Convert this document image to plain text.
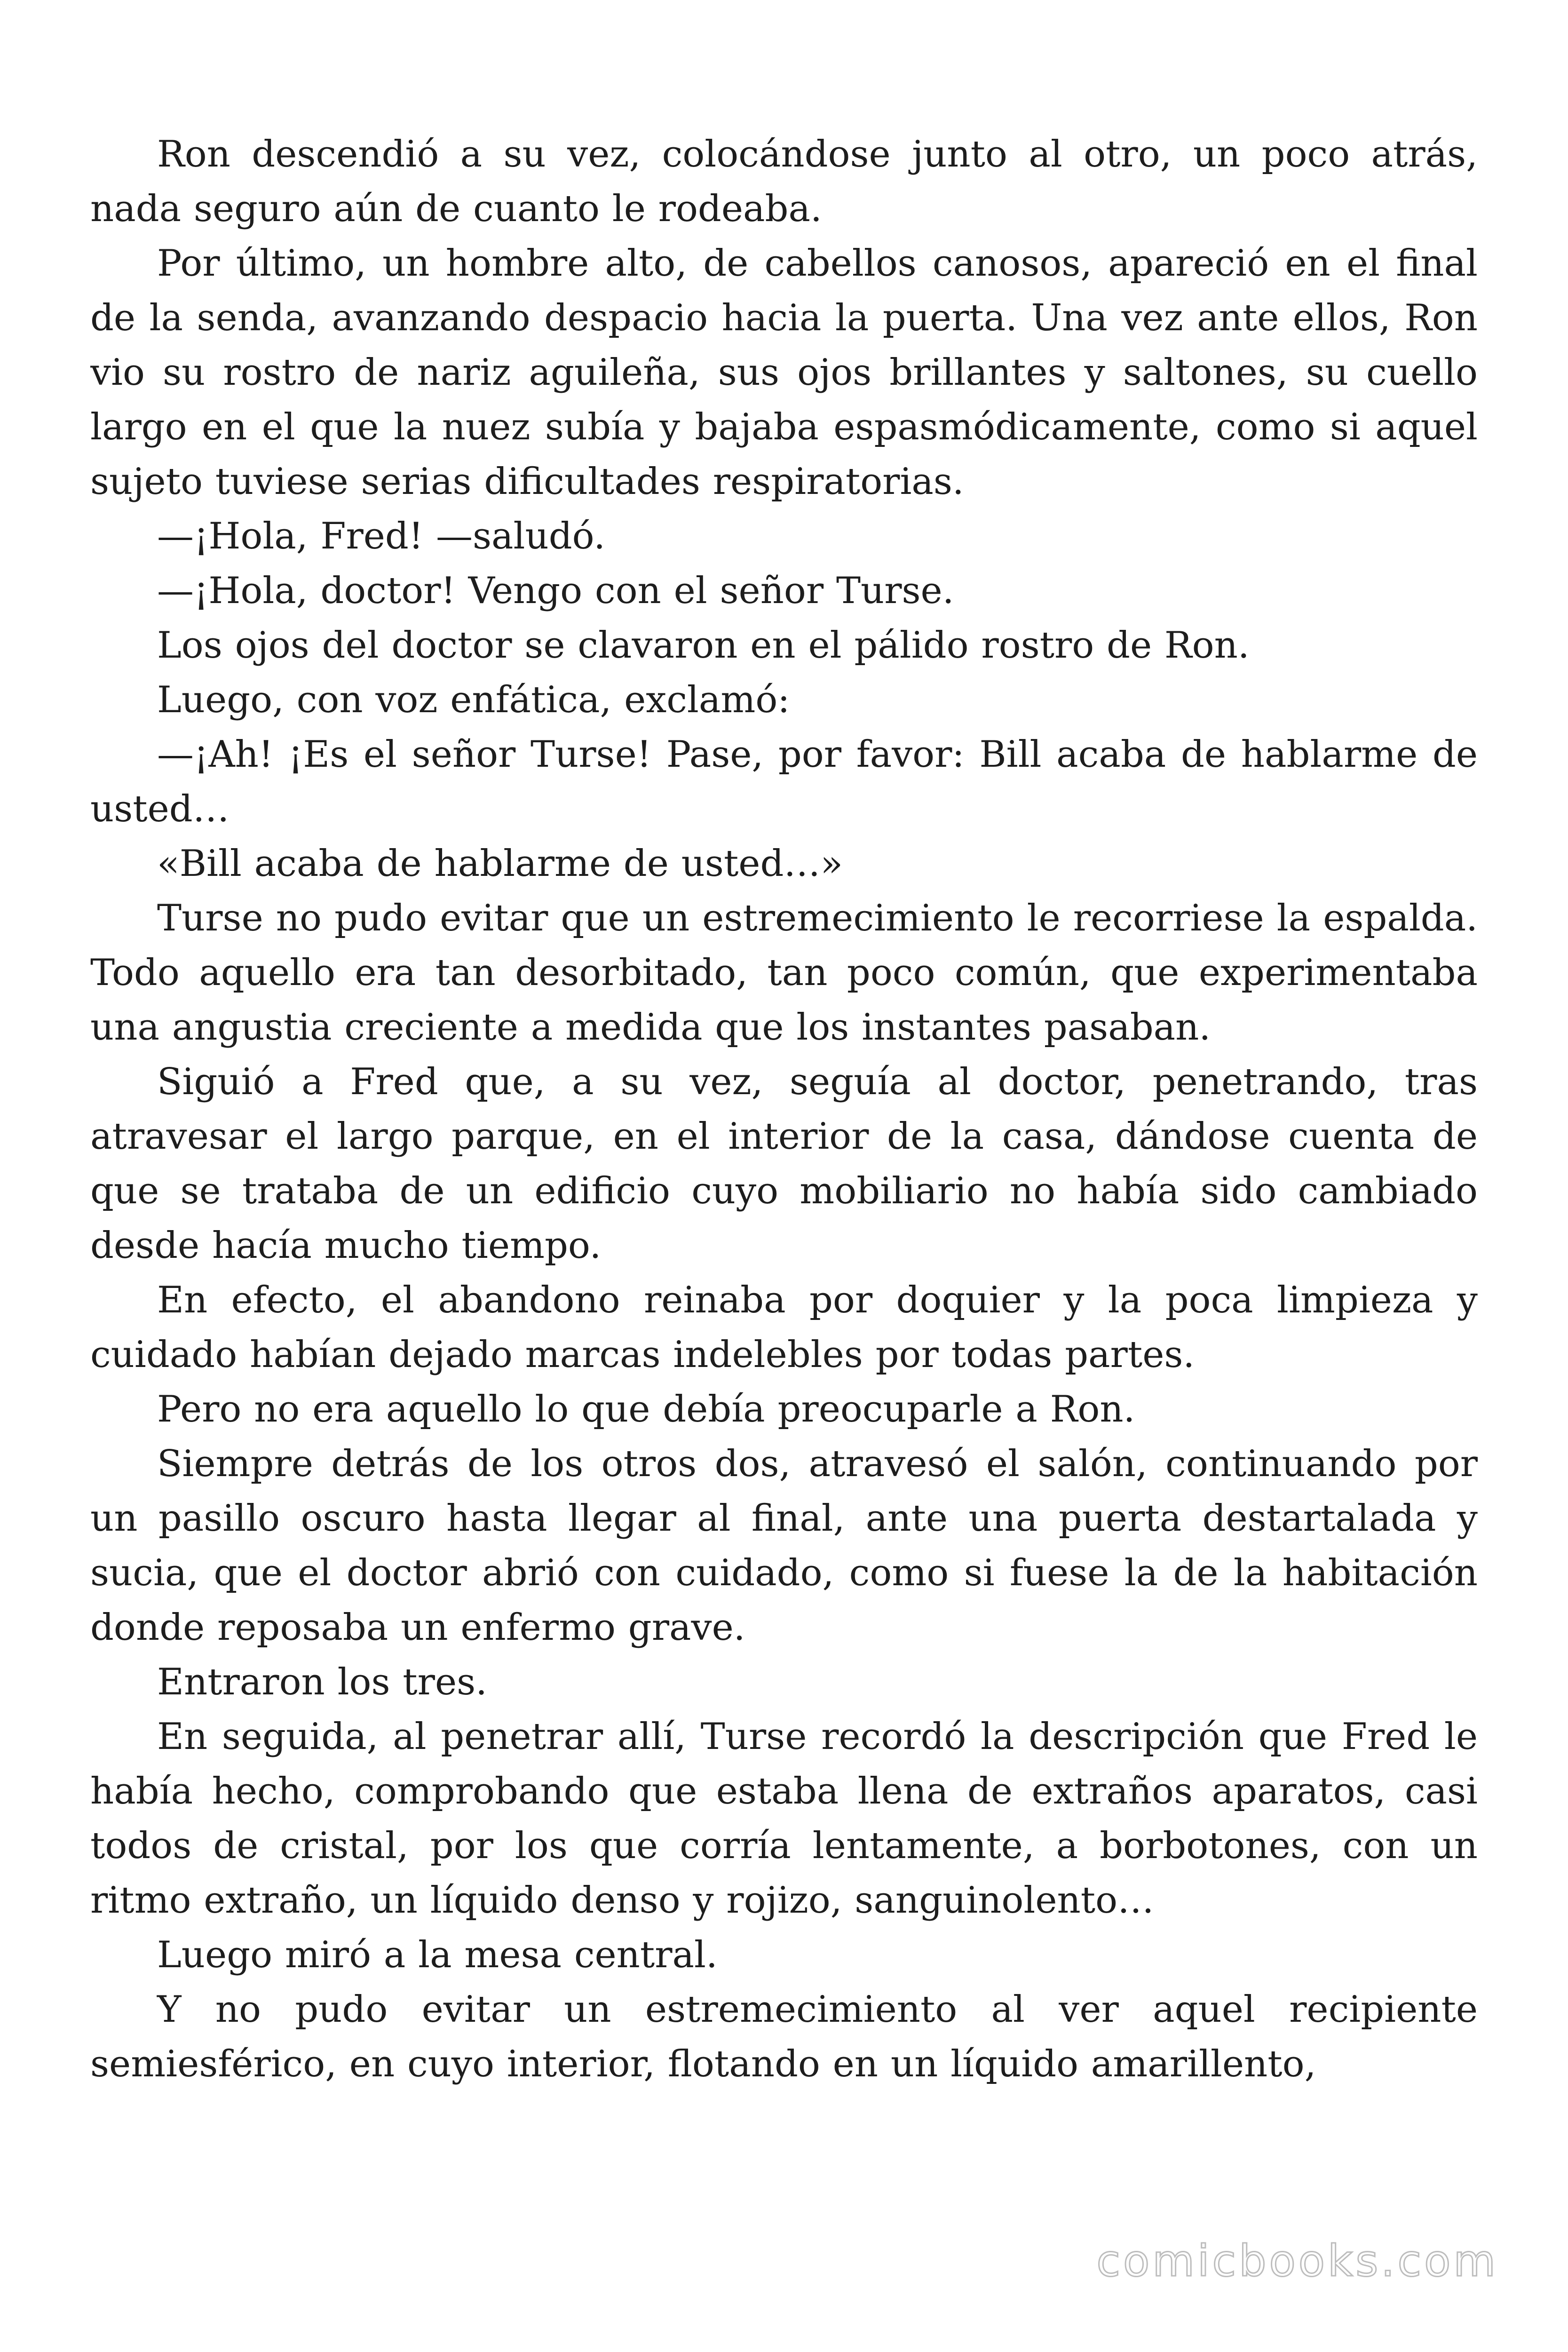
Ron descendió a su vez, colocándose junto al otro, un poco atrás, nada seguro aún de cuanto le rodeaba.

Por último, un hombre alto, de cabellos canosos, apareció en el final de la senda, avanzando despacio hacia la puerta. Una vez ante ellos, Ron vio su rostro de nariz aguileña, sus ojos brillantes y saltones, su cuello largo en el que la nuez subía y bajaba espasmódicamente, como si aquel sujeto tuviese serias dificultades respiratorias.

—¡Hola, Fred! —saludó.

—¡Hola, doctor! Vengo con el señor Turse.

Los ojos del doctor se clavaron en el pálido rostro de Ron.

Luego, con voz enfática, exclamó:

—¡Ah! ¡Es el señor Turse! Pase, por favor: Bill acaba de hablarme de usted…

«Bill acaba de hablarme de usted…»

Turse no pudo evitar que un estremecimiento le recorriese la espalda. Todo aquello era tan desorbitado, tan poco común, que experimentaba una angustia creciente a medida que los instantes pasaban.

Siguió a Fred que, a su vez, seguía al doctor, penetrando, tras atravesar el largo parque, en el interior de la casa, dándose cuenta de que se trataba de un edificio cuyo mobiliario no había sido cambiado desde hacía mucho tiempo.

En efecto, el abandono reinaba por doquier y la poca limpieza y cuidado habían dejado marcas indelebles por todas partes.

Pero no era aquello lo que debía preocuparle a Ron.

Siempre detrás de los otros dos, atravesó el salón, continuando por un pasillo oscuro hasta llegar al final, ante una puerta destartalada y sucia, que el doctor abrió con cuidado, como si fuese la de la habitación donde reposaba un enfermo grave.

Entraron los tres.

En seguida, al penetrar allí, Turse recordó la descripción que Fred le había hecho, comprobando que estaba llena de extraños aparatos, casi todos de cristal, por los que corría lentamente, a borbotones, con un ritmo extraño, un líquido denso y rojizo, sanguinolento…

Luego miró a la mesa central.

Y no pudo evitar un estremecimiento al ver aquel recipiente semiesférico, en cuyo interior, flotando en un líquido amarillento,

comicbooks.com
